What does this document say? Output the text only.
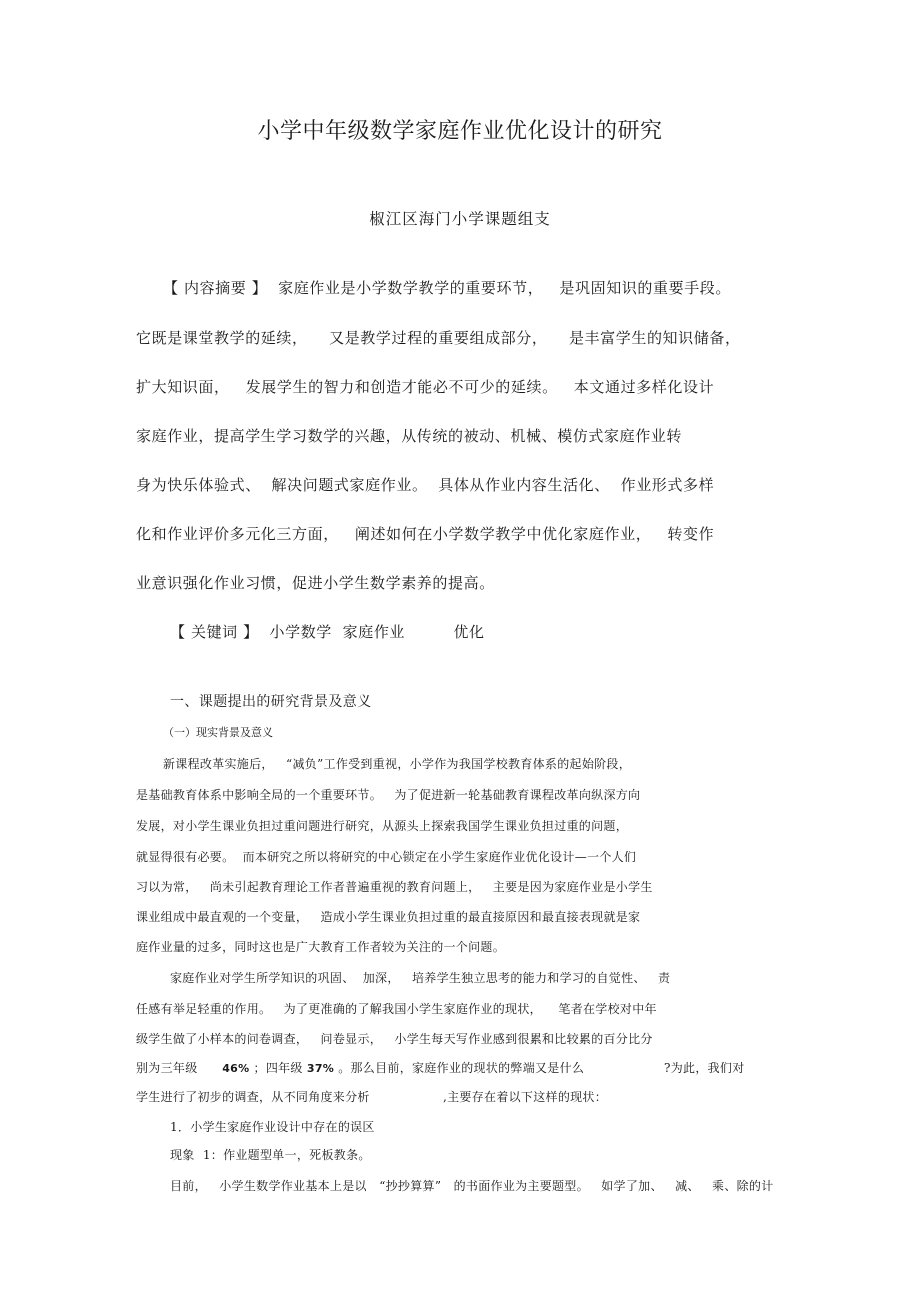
小学中年级数学家庭作业优化设计的研究
椒江区海门小学课题组支
【 内容摘要 】 家庭作业是小学数学教学的重要环节，   是巩固知识的重要手段。
它既是课堂教学的延续，    又是教学过程的重要组成部分，    是丰富学生的知识储备，
扩大知识面，   发展学生的智力和创造才能必不可少的延续。   本文通过多样化设计
家庭作业，提高学生学习数学的兴趣，从传统的被动、机械、模仿式家庭作业转
身为快乐体验式、  解决问题式家庭作业。  具体从作业内容生活化、  作业形式多样
化和作业评价多元化三方面，   阐述如何在小学数学教学中优化家庭作业，   转变作
业意识强化作业习惯，促进小学生数学素养的提高。
【 关键词 】 小学数学  家庭作业         优化
一、课题提出的研究背景及意义
（一）现实背景及意义
新课程改革实施后，   “减负”工作受到重视，小学作为我国学校教育体系的起始阶段，
是基础教育体系中影响全局的一个重要环节。   为了促进新一轮基础教育课程改革向纵深方向
发展，对小学生课业负担过重问题进行研究，从源头上探索我国学生课业负担过重的问题，
就显得很有必要。  而本研究之所以将研究的中心锁定在小学生家庭作业优化设计—一个人们
习以为常，   尚未引起教育理论工作者普遍重视的教育问题上，   主要是因为家庭作业是小学生
课业组成中最直观的一个变量，   造成小学生课业负担过重的最直接原因和最直接表现就是家
庭作业量的过多，同时这也是广大教育工作者较为关注的一个问题。
家庭作业对学生所学知识的巩固、  加深，   培养学生独立思考的能力和学习的自觉性、   责
任感有举足轻重的作用。   为了更准确的了解我国小学生家庭作业的现状，    笔者在学校对中年
级学生做了小样本的问卷调查，   问卷显示，   小学生每天写作业感到很累和比较累的百分比分
别为三年级      46% ；四年级 37% 。那么目前，家庭作业的现状的弊端又是什么	?为此，我们对
学生进行了初步的调查，从不同角度来分析	,主要存在着以下这样的现状：
1．小学生家庭作业设计中存在的误区
现象  1：作业题型单一，死板教条。
目前，   小学生数学作业基本上是以   “抄抄算算”   的书面作业为主要题型。   如学了加、   减、   乘、除的计
